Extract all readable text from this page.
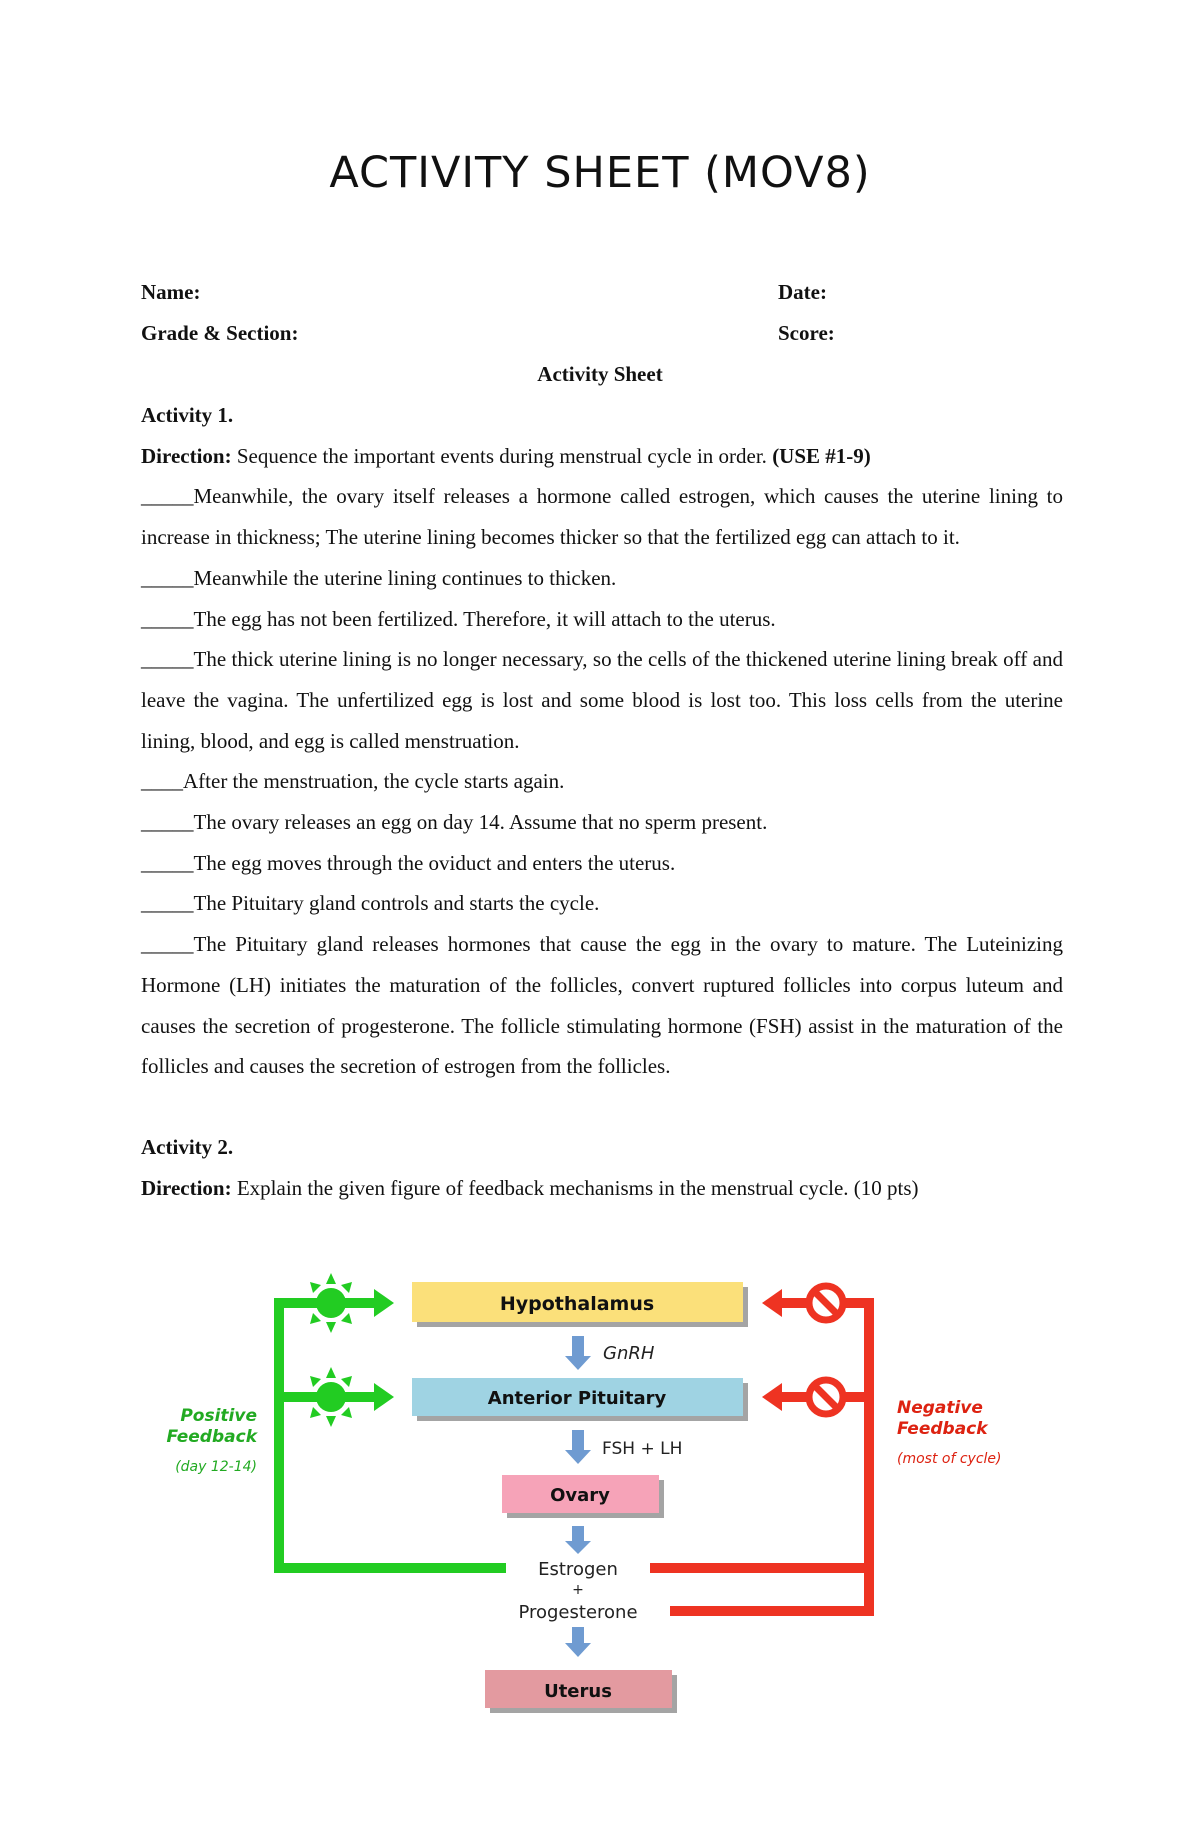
ACTIVITY SHEET (MOV8)
Name:	Date:
Grade & Section:	Score:
Activity Sheet

Activity 1.

Direction: Sequence the important events during menstrual cycle in order. (USE #1-9)

_____Meanwhile, the ovary itself releases a hormone called estrogen, which causes the uterine lining to increase in thickness; The uterine lining becomes thicker so that the fertilized egg can attach to it.

_____Meanwhile the uterine lining continues to thicken.

_____The egg has not been fertilized. Therefore, it will attach to the uterus.

_____The thick uterine lining is no longer necessary, so the cells of the thickened uterine lining break off and leave the vagina. The unfertilized egg is lost and some blood is lost too. This loss cells from the uterine lining, blood, and egg is called menstruation.

____After the menstruation, the cycle starts again.

_____The ovary releases an egg on day 14. Assume that no sperm present.

_____The egg moves through the oviduct and enters the uterus.

_____The Pituitary gland controls and starts the cycle.

_____The Pituitary gland releases hormones that cause the egg in the ovary to mature. The Luteinizing Hormone (LH) initiates the maturation of the follicles, convert ruptured follicles into corpus luteum and causes the secretion of progesterone. The follicle stimulating hormone (FSH) assist in the maturation of the follicles and causes the secretion of estrogen from the follicles.

Activity 2.

Direction: Explain the given figure of feedback mechanisms in the menstrual cycle. (10 pts)

Hypothalamus
Anterior Pituitary
Ovary
Uterus
GnRH
FSH + LH
Estrogen
+
Progesterone
Positive
Feedback
(day 12-14)
Negative
Feedback
(most of cycle)
